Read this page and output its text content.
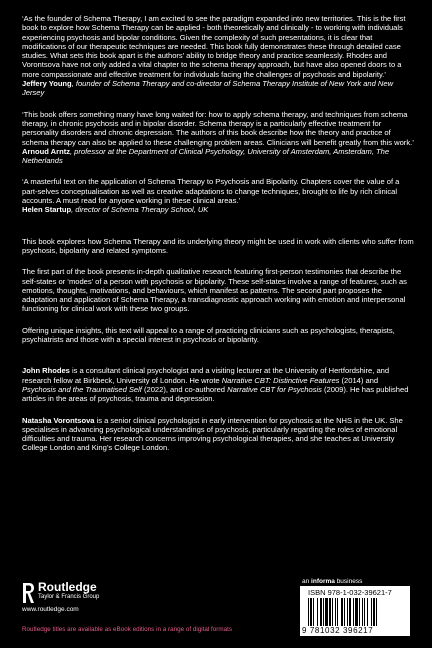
‘As the founder of Schema Therapy, I am excited to see the paradigm expanded into new territories. This is the first book to explore how Schema Therapy can be applied - both theoretically and clinically - to working with individuals experiencing psychosis and bipolar conditions. Given the complexity of such presentations, it is clear that modifications of our therapeutic techniques are needed. This book fully demonstrates these through detailed case studies. What sets this book apart is the authors’ ability to bridge theory and practice seamlessly. Rhodes and Vorontsova have not only added a vital chapter to the schema therapy approach, but have also opened doors to a more compassionate and effective treatment for individuals facing the challenges of psychosis and bipolarity.’

Jeffery Young, founder of Schema Therapy and co-director of Schema Therapy Institute of New York and New Jersey

‘This book offers something many have long waited for: how to apply schema therapy, and techniques from schema therapy, in chronic psychosis and in bipolar disorder. Schema therapy is a particularly effective treatment for personality disorders and chronic depression. The authors of this book describe how the theory and practice of schema therapy can also be applied to these challenging problem areas. Clinicians will benefit greatly from this work.’

Arnoud Arntz, professor at the Department of Clinical Psychology, University of Amsterdam, Amsterdam, The Netherlands

‘A masterful text on the application of Schema Therapy to Psychosis and Bipolarity. Chapters cover the value of a part-selves conceptualisation as well as creative adaptations to change techniques, brought to life by rich clinical accounts. A must read for anyone working in these clinical areas.’

Helen Startup, director of Schema Therapy School, UK

This book explores how Schema Therapy and its underlying theory might be used in work with clients who suffer from psychosis, bipolarity and related symptoms.

The first part of the book presents in-depth qualitative research featuring first-person testimonies that describe the self-states or ‘modes’ of a person with psychosis or bipolarity. These self-states involve a range of features, such as emotions, thoughts, motivations, and behaviours, which manifest as patterns. The second part proposes the adaptation and application of Schema Therapy, a transdiagnostic approach working with emotion and interpersonal functioning for clinical work with these two groups.

Offering unique insights, this text will appeal to a range of practicing clinicians such as psychologists, therapists, psychiatrists and those with a special interest in psychosis or bipolarity.

John Rhodes is a consultant clinical psychologist and a visiting lecturer at the University of Hertfordshire, and research fellow at Birkbeck, University of London. He wrote Narrative CBT: Distinctive Features (2014) and Psychosis and the Traumatised Self (2022), and co-authored Narrative CBT for Psychosis (2009). He has published articles in the areas of psychosis, trauma and depression.

Natasha Vorontsova is a senior clinical psychologist in early intervention for psychosis at the NHS in the UK. She specialises in advancing psychological understandings of psychosis, particularly regarding the roles of emotional difficulties and trauma. Her research concerns improving psychological therapies, and she teaches at University College London and King’s College London.

Routledge
Taylor & Francis Group
www.routledge.com
Routledge titles are available as eBook editions in a range of digital formats
an informa business
ISBN 978-1-032-39621-7
9 781032 396217
